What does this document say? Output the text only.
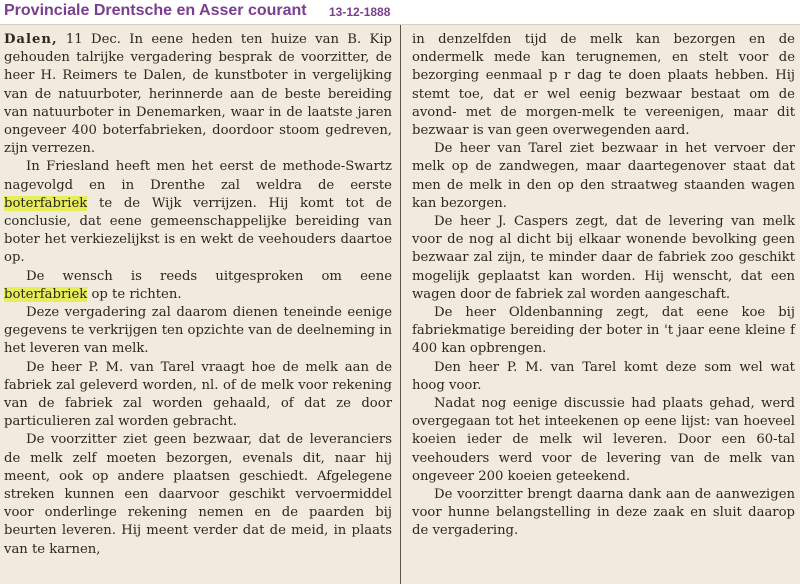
Provinciale Drentsche en Asser courant 13-12-1888

Dalen, 11 Dec. In eene heden ten huize van B. Kip gehouden talrijke vergadering besprak de voorzitter, de heer H. Reimers te Dalen, de kunstboter in vergelijking van de natuurboter, herinnerde aan de beste bereiding van natuurboter in Denemarken, waar in de laatste jaren ongeveer 400 boterfabrieken, doordoor stoom gedreven, zijn verrezen.

In Friesland heeft men het eerst de methode-Swartz nagevolgd en in Drenthe zal weldra de eerste boterfabriek te de Wijk verrijzen. Hij komt tot de conclusie, dat eene gemeenschappelijke bereiding van boter het verkiezelijkst is en wekt de veehouders daartoe op.

De wensch is reeds uitgesproken om eene boterfabriek op te richten.

Deze vergadering zal daarom dienen teneinde eenige gegevens te verkrijgen ten opzichte van de deelneming in het leveren van melk.

De heer P. M. van Tarel vraagt hoe de melk aan de fabriek zal geleverd worden, nl. of de melk voor rekening van de fabriek zal worden gehaald, of dat ze door particulieren zal worden gebracht.

De voorzitter ziet geen bezwaar, dat de leveranciers de melk zelf moeten bezorgen, evenals dit, naar hij meent, ook op andere plaatsen geschiedt. Afgelegene streken kunnen een daarvoor geschikt vervoermiddel voor onderlinge rekening nemen en de paarden bij beurten leveren. Hij meent verder dat de meid, in plaats van te karnen,

in denzelfden tijd de melk kan bezorgen en de ondermelk mede kan terugnemen, en stelt voor de bezorging eenmaal p r dag te doen plaats hebben. Hij stemt toe, dat er wel eenig bezwaar bestaat om de avond- met de morgen-melk te vereenigen, maar dit bezwaar is van geen overwegenden aard.

De heer van Tarel ziet bezwaar in het vervoer der melk op de zandwegen, maar daartegenover staat dat men de melk in den op den straatweg staanden wagen kan bezorgen.

De heer J. Caspers zegt, dat de levering van melk voor de nog al dicht bij elkaar wonende bevolking geen bezwaar zal zijn, te minder daar de fabriek zoo geschikt mogelijk geplaatst kan worden. Hij wenscht, dat een wagen door de fabriek zal worden aangeschaft.

De heer Oldenbanning zegt, dat eene koe bij fabriekmatige bereiding der boter in 't jaar eene kleine f 400 kan opbrengen.

Den heer P. M. van Tarel komt deze som wel wat hoog voor.

Nadat nog eenige discussie had plaats gehad, werd overgegaan tot het inteekenen op eene lijst: van hoeveel koeien ieder de melk wil leveren. Door een 60-tal veehouders werd voor de levering van de melk van ongeveer 200 koeien geteekend.

De voorzitter brengt daarna dank aan de aanwezigen voor hunne belangstelling in deze zaak en sluit daarop de vergadering.
